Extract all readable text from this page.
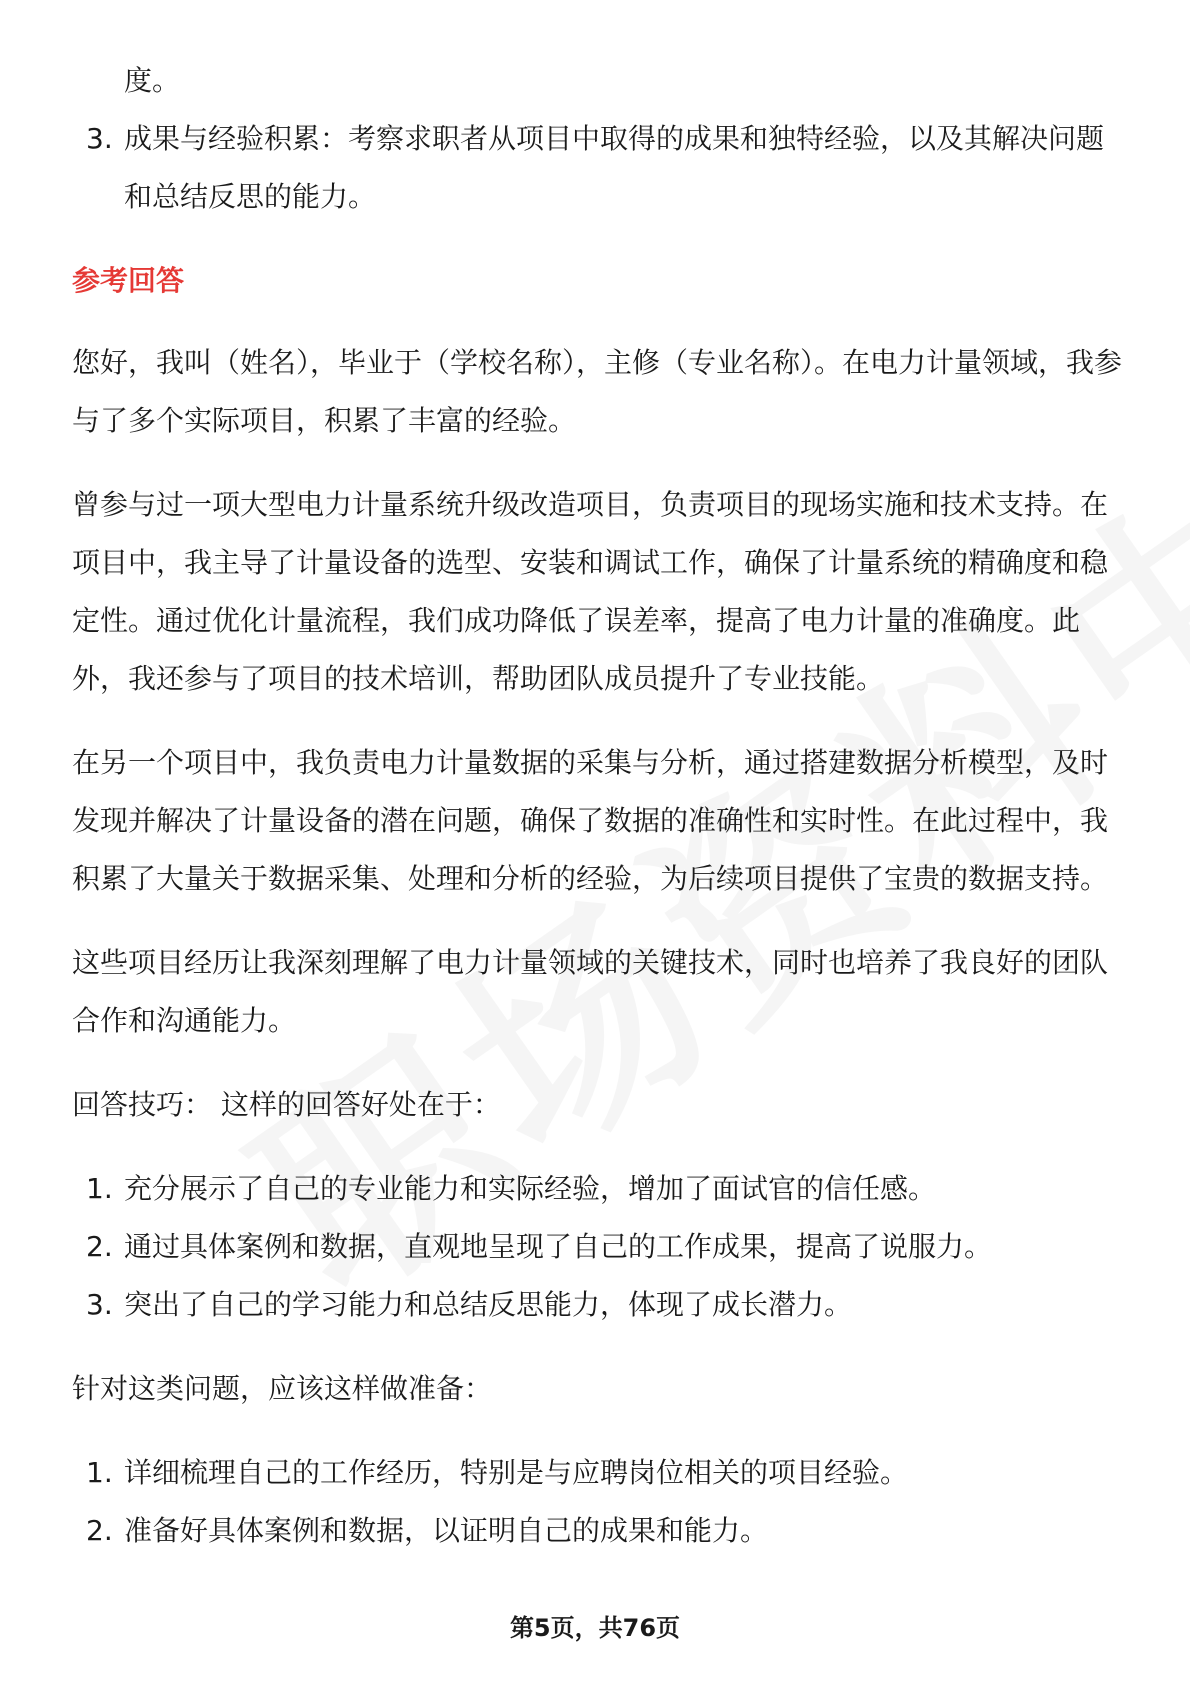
度。
3. 成果与经验积累：考察求职者从项目中取得的成果和独特经验，以及其解决问题和总结反思的能力。
参考回答

您好，我叫（姓名），毕业于（学校名称），主修（专业名称）。在电力计量领域，我参与了多个实际项目，积累了丰富的经验。

曾参与过一项大型电力计量系统升级改造项目，负责项目的现场实施和技术支持。在项目中，我主导了计量设备的选型、安装和调试工作，确保了计量系统的精确度和稳定性。通过优化计量流程，我们成功降低了误差率，提高了电力计量的准确度。此外，我还参与了项目的技术培训，帮助团队成员提升了专业技能。

在另一个项目中，我负责电力计量数据的采集与分析，通过搭建数据分析模型，及时发现并解决了计量设备的潜在问题，确保了数据的准确性和实时性。在此过程中，我积累了大量关于数据采集、处理和分析的经验，为后续项目提供了宝贵的数据支持。

这些项目经历让我深刻理解了电力计量领域的关键技术，同时也培养了我良好的团队合作和沟通能力。

回答技巧： 这样的回答好处在于：

1. 充分展示了自己的专业能力和实际经验，增加了面试官的信任感。
2. 通过具体案例和数据，直观地呈现了自己的工作成果，提高了说服力。
3. 突出了自己的学习能力和总结反思能力，体现了成长潜力。

针对这类问题，应该这样做准备：

1. 详细梳理自己的工作经历，特别是与应聘岗位相关的项目经验。
2. 准备好具体案例和数据，以证明自己的成果和能力。
第5页，共76页
